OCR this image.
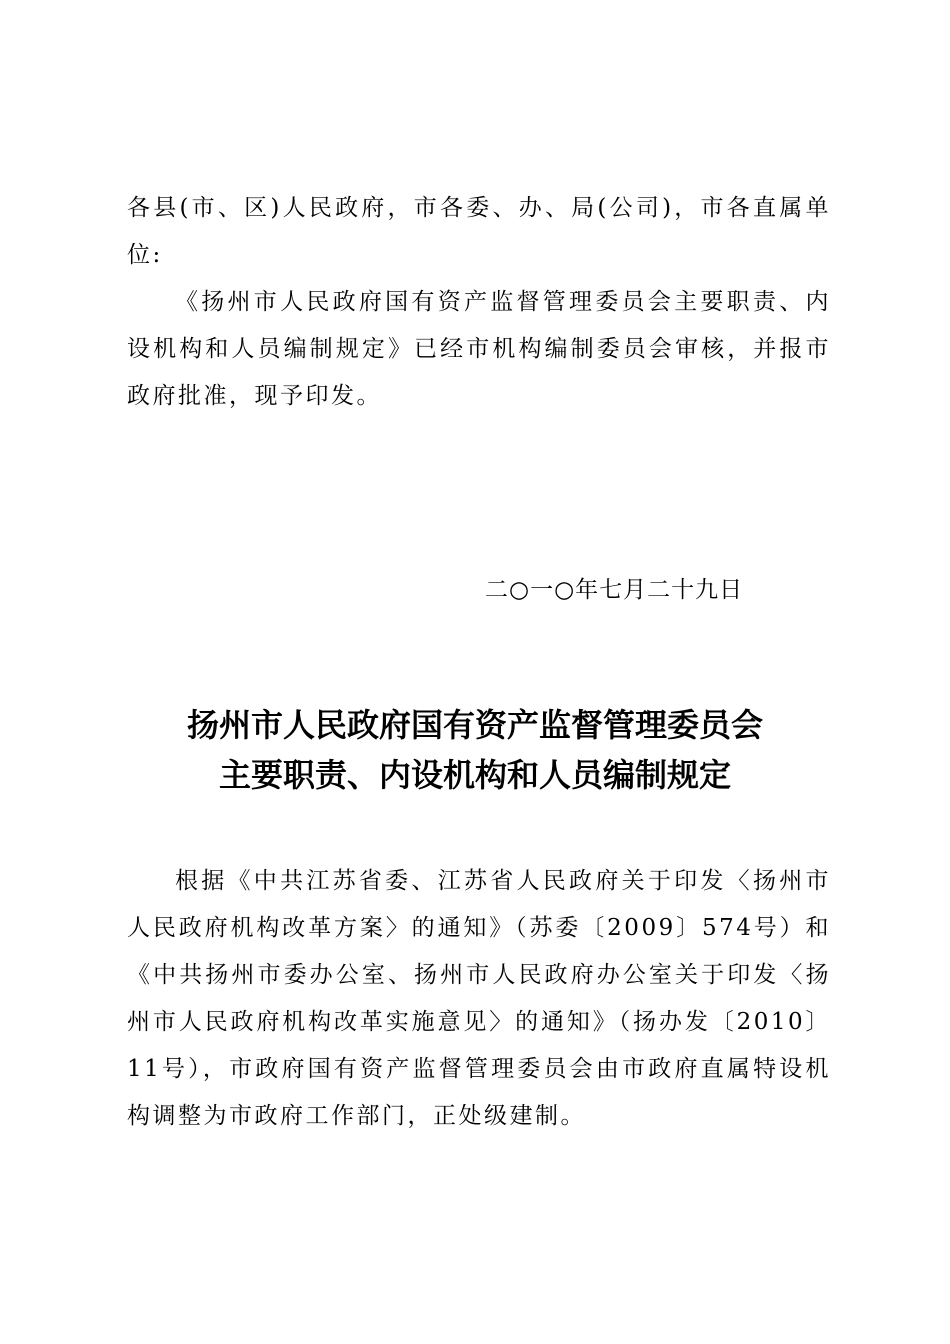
各县(市、区)人民政府，市各委、办、局(公司)，市各直属单位:

《扬州市人民政府国有资产监督管理委员会主要职责、内设机构和人员编制规定》已经市机构编制委员会审核，并报市政府批准，现予印发。

二○一○年七月二十九日

扬州市人民政府国有资产监督管理委员会
主要职责、内设机构和人员编制规定

根据《中共江苏省委、江苏省人民政府关于印发〈扬州市人民政府机构改革方案〉的通知》（苏委〔2009〕574号）和《中共扬州市委办公室、扬州市人民政府办公室关于印发〈扬州市人民政府机构改革实施意见〉的通知》（扬办发〔2010〕11号），市政府国有资产监督管理委员会由市政府直属特设机构调整为市政府工作部门，正处级建制。
